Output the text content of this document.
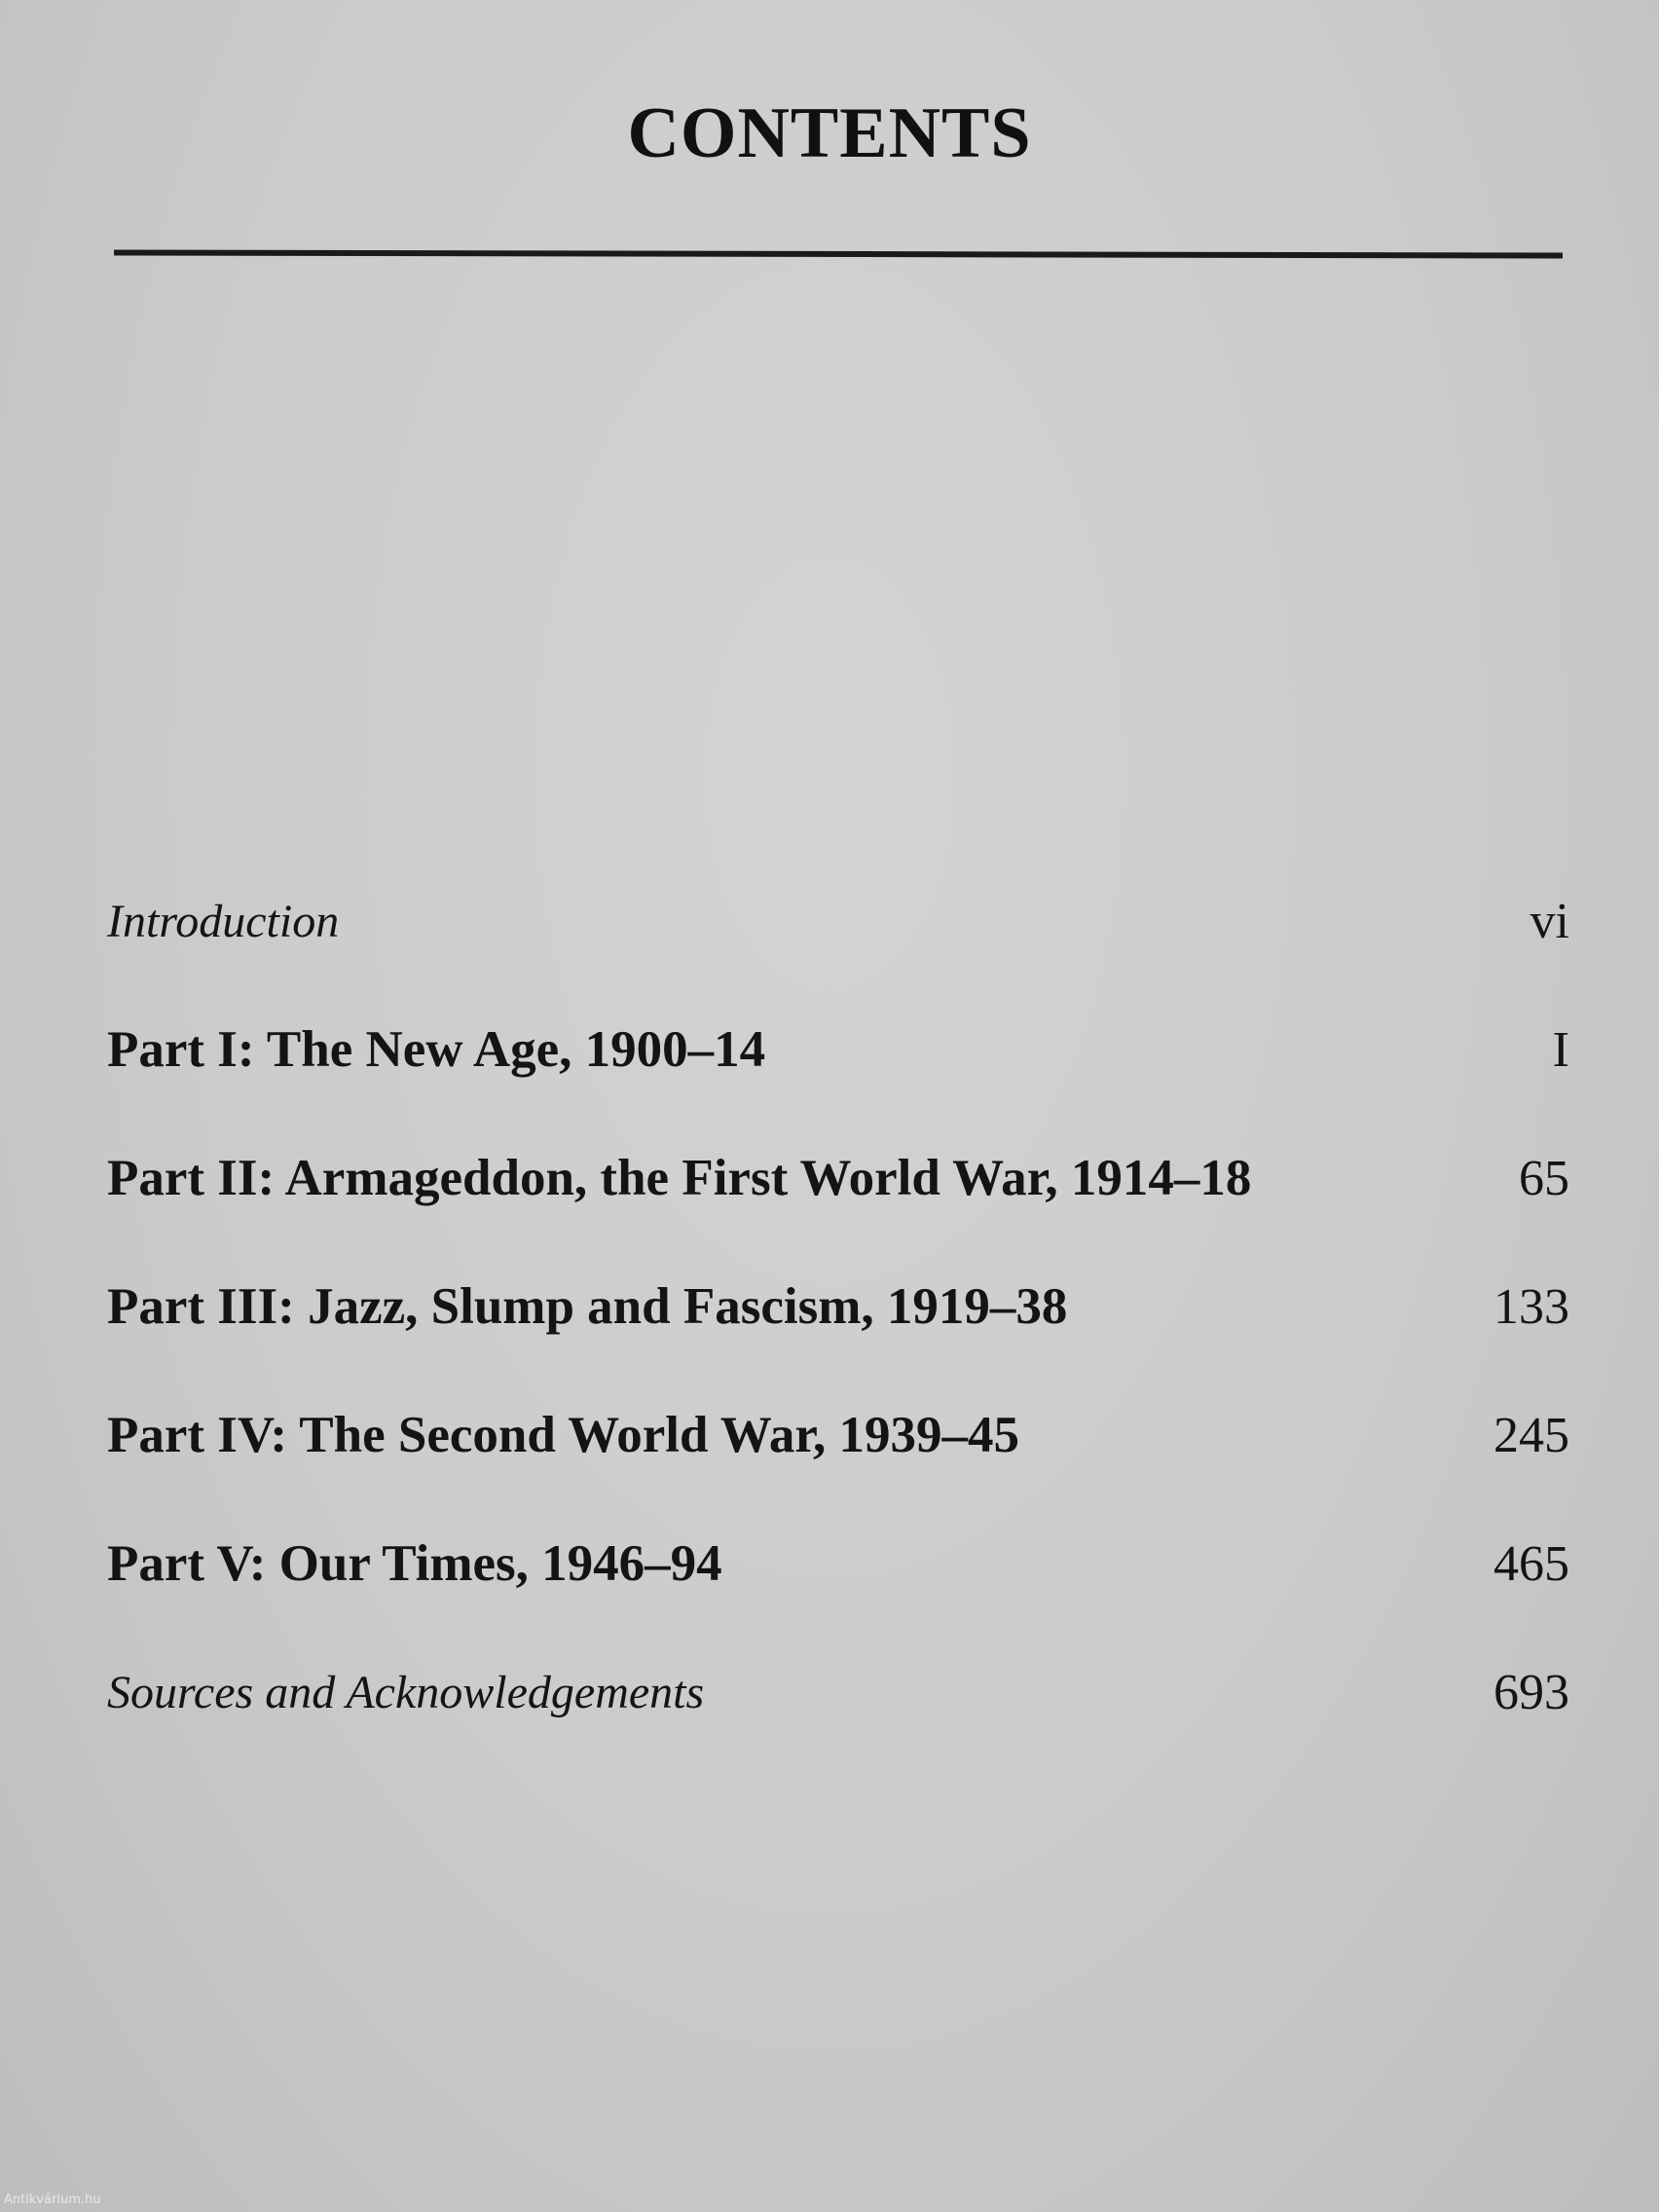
CONTENTS
Introduction	vi
Part I: The New Age, 1900–14	I
Part II: Armageddon, the First World War, 1914–18	65
Part III: Jazz, Slump and Fascism, 1919–38	133
Part IV: The Second World War, 1939–45	245
Part V: Our Times, 1946–94	465
Sources and Acknowledgements	693
Antikvárium.hu
